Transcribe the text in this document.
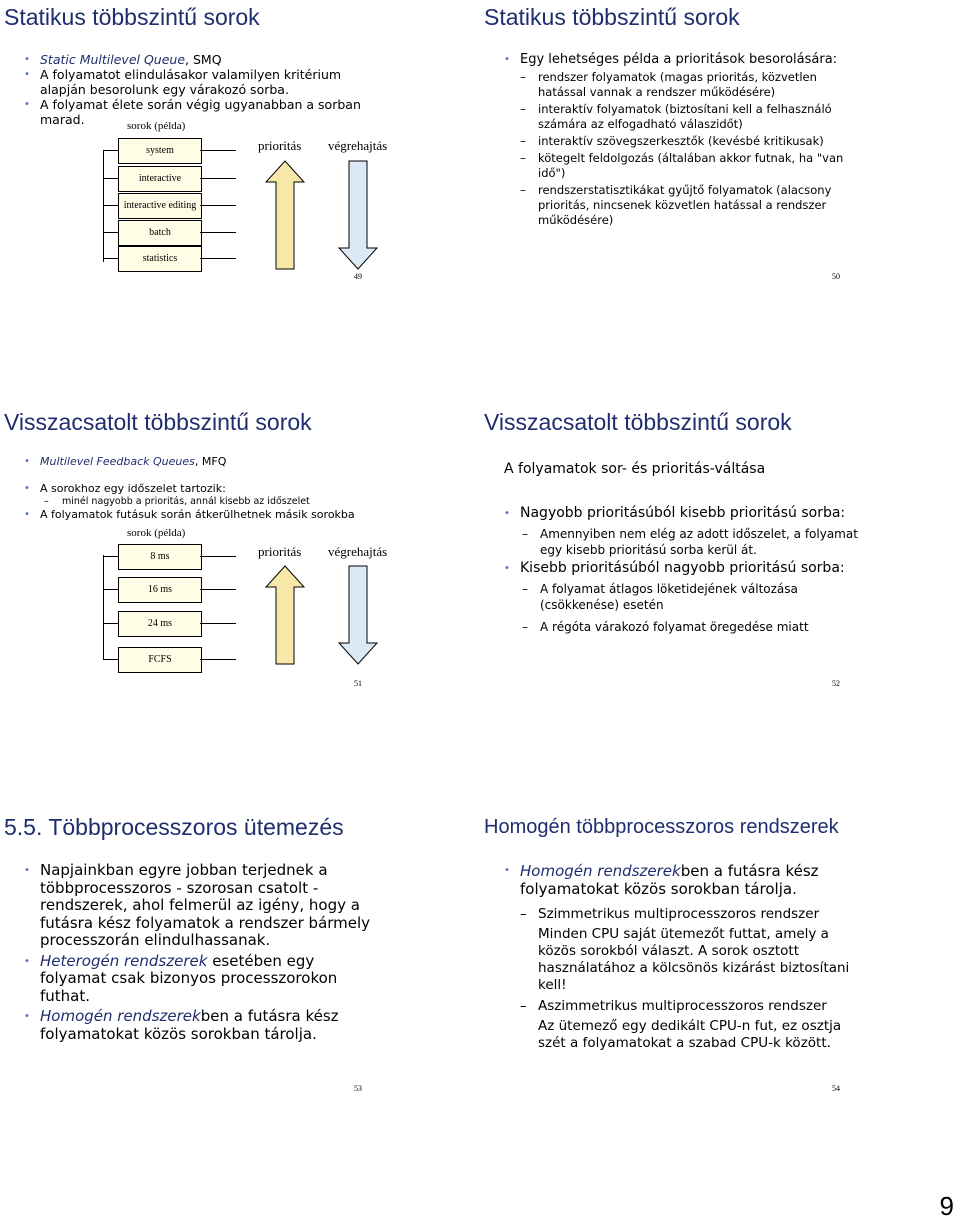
Statikus többszintű sorok
• Static Multilevel Queue, SMQ
• A folyamatot elindulásakor valamilyen kritérium alapján besorolunk egy várakozó sorba.
• A folyamat élete során végig ugyanabban a sorban marad.	sorok (példa)
system
interactive
interactive editing
batch
statistics
prioritás végrehajtás
49
Statikus többszintű sorok
• Egy lehetséges példa a prioritások besorolására:
– rendszer folyamatok (magas prioritás, közvetlen hatással vannak a rendszer működésére)
– interaktív folyamatok (biztosítani kell a felhasználó számára az elfogadható válaszidőt)
– interaktív szövegszerkesztők (kevésbé kritikusak)
– kötegelt feldolgozás (általában akkor futnak, ha "van idő")
– rendszerstatisztikákat gyűjtő folyamatok (alacsony prioritás, nincsenek közvetlen hatással a rendszer működésére)
50
Visszacsatolt többszintű sorok
• Multilevel Feedback Queues, MFQ
• A sorokhoz egy időszelet tartozik:
– minél nagyobb a prioritás, annál kisebb az időszelet
• A folyamatok futásuk során átkerülhetnek másik sorokba
sorok (példa)
8 ms
16 ms
24 ms
FCFS
prioritás végrehajtás
51
Visszacsatolt többszintű sorok
A folyamatok sor- és prioritás-váltása
• Nagyobb prioritásúból kisebb prioritású sorba:
– Amennyiben nem elég az adott időszelet, a folyamat egy kisebb prioritású sorba kerül át.
• Kisebb prioritásúból nagyobb prioritású sorba:
– A folyamat átlagos löketidejének változása (csökkenése) esetén
– A régóta várakozó folyamat öregedése miatt
52
5.5. Többprocesszoros ütemezés
• Napjainkban egyre jobban terjednek a többprocesszoros - szorosan csatolt - rendszerek, ahol felmerül az igény, hogy a futásra kész folyamatok a rendszer bármely processzorán elindulhassanak.
• Heterogén rendszerek esetében egy folyamat csak bizonyos processzorokon futhat.
• Homogén rendszerekben a futásra kész folyamatokat közös sorokban tárolja.
53
Homogén többprocesszoros rendszerek
• Homogén rendszerekben a futásra kész folyamatokat közös sorokban tárolja.
– Szimmetrikus multiprocesszoros rendszer
Minden CPU saját ütemezőt futtat, amely a közös sorokból választ. A sorok osztott használatához a kölcsönös kizárást biztosítani kell!
– Aszimmetrikus multiprocesszoros rendszer
Az ütemező egy dedikált CPU-n fut, ez osztja szét a folyamatokat a szabad CPU-k között.
54
9
